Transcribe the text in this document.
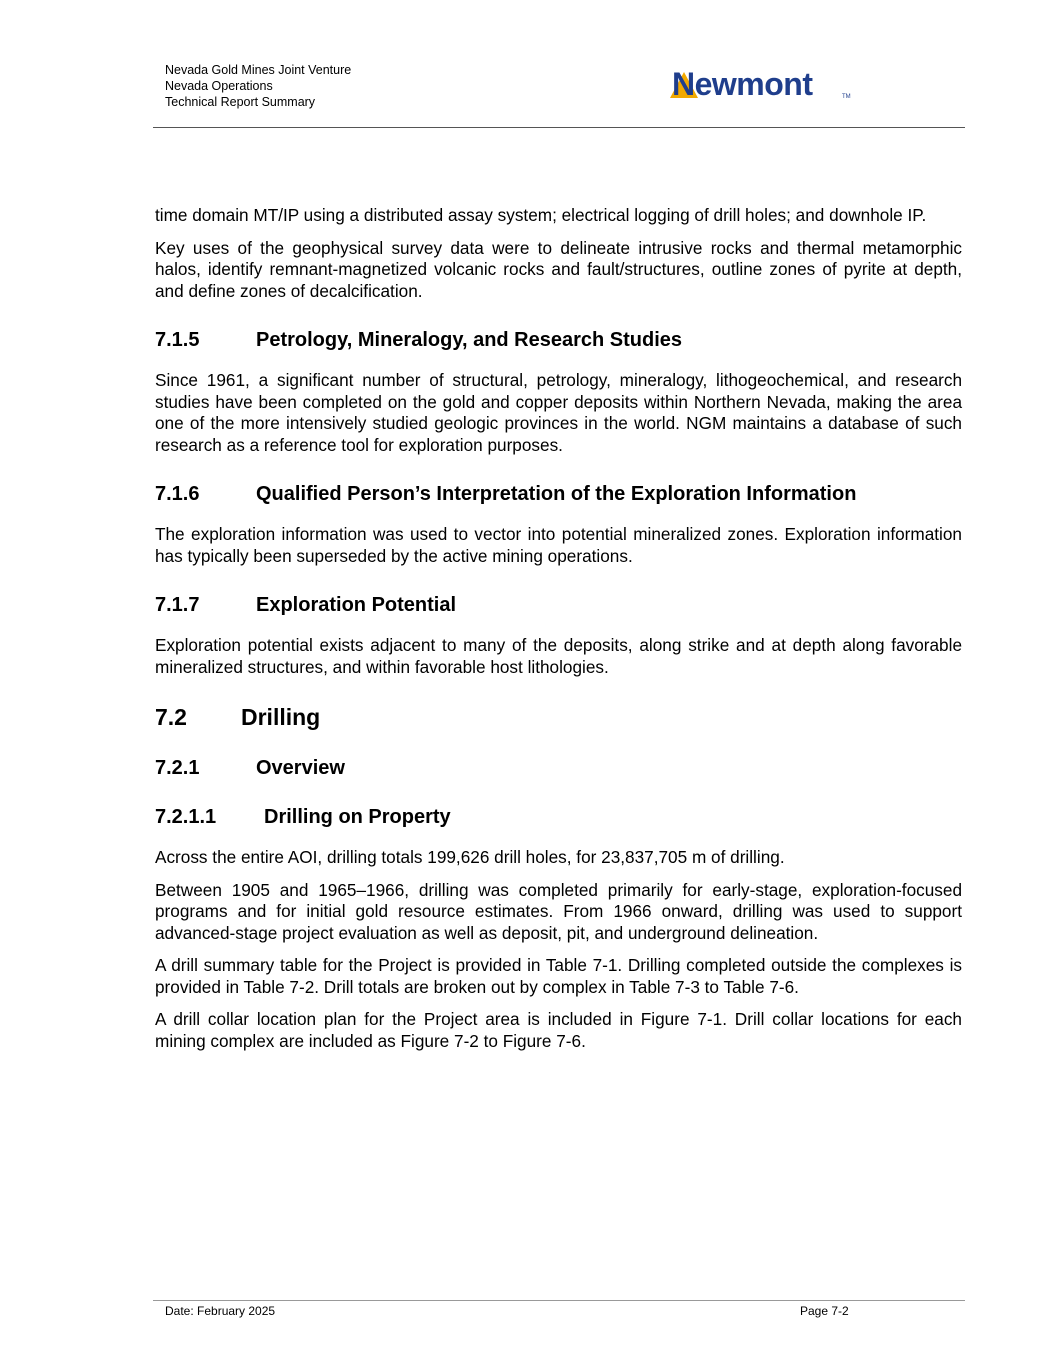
Nevada Gold Mines Joint Venture
Nevada Operations
Technical Report Summary	Newmont	TM

time domain MT/IP using a distributed assay system; electrical logging of drill holes; and downhole IP.

Key uses of the geophysical survey data were to delineate intrusive rocks and thermal metamorphic halos, identify remnant-magnetized volcanic rocks and fault/structures, outline zones of pyrite at depth, and define zones of decalcification.

7.1.5	Petrology, Mineralogy, and Research Studies

Since 1961, a significant number of structural, petrology, mineralogy, lithogeochemical, and research studies have been completed on the gold and copper deposits within Northern Nevada, making the area one of the more intensively studied geologic provinces in the world. NGM maintains a database of such research as a reference tool for exploration purposes.

7.1.6	Qualified Person’s Interpretation of the Exploration Information

The exploration information was used to vector into potential mineralized zones. Exploration information has typically been superseded by the active mining operations.

7.1.7	Exploration Potential

Exploration potential exists adjacent to many of the deposits, along strike and at depth along favorable mineralized structures, and within favorable host lithologies.

7.2	Drilling
7.2.1	Overview
7.2.1.1	Drilling on Property

Across the entire AOI, drilling totals 199,626 drill holes, for 23,837,705 m of drilling.

Between 1905 and 1965–1966, drilling was completed primarily for early-stage, exploration-focused programs and for initial gold resource estimates. From 1966 onward, drilling was used to support advanced-stage project evaluation as well as deposit, pit, and underground delineation.

A drill summary table for the Project is provided in Table 7-1. Drilling completed outside the complexes is provided in Table 7-2. Drill totals are broken out by complex in Table 7-3 to Table 7-6.

A drill collar location plan for the Project area is included in Figure 7-1. Drill collar locations for each mining complex are included as Figure 7-2 to Figure 7-6.

Date: February 2025	Page 7-2
